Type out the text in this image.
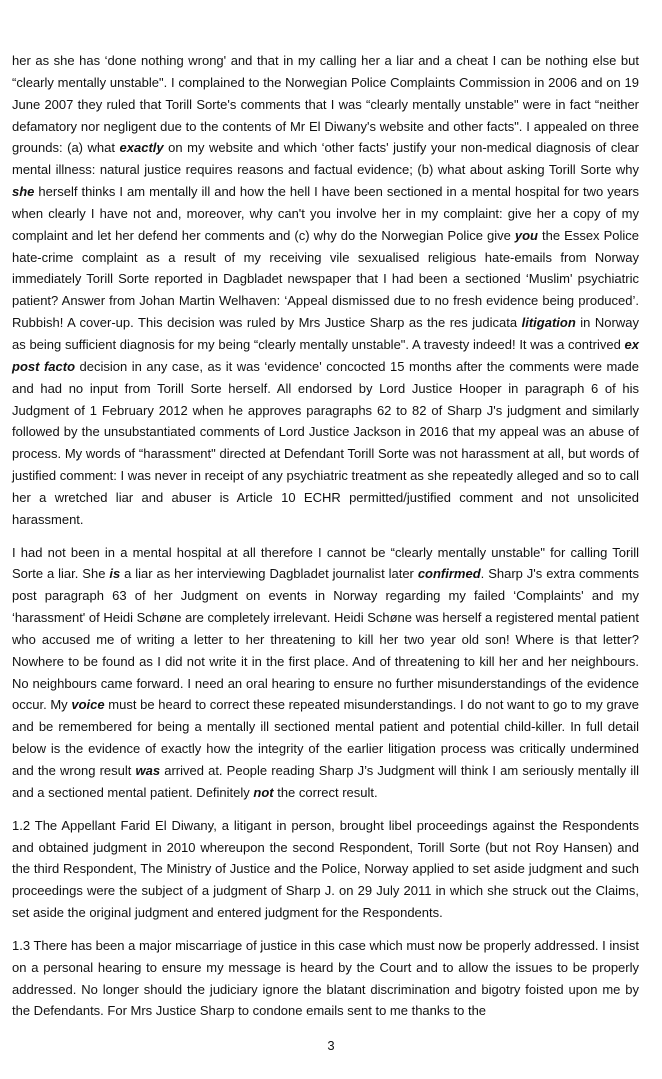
her as she has ‘done nothing wrong' and that in my calling her a liar and a cheat I can be nothing else but “clearly mentally unstable". I complained to the Norwegian Police Complaints Commission in 2006 and on 19 June 2007 they ruled that Torill Sorte's comments that I was “clearly mentally unstable" were in fact “neither defamatory nor negligent due to the contents of Mr El Diwany's website and other facts". I appealed on three grounds: (a) what exactly on my website and which ‘other facts' justify your non-medical diagnosis of clear mental illness: natural justice requires reasons and factual evidence; (b) what about asking Torill Sorte why she herself thinks I am mentally ill and how the hell I have been sectioned in a mental hospital for two years when clearly I have not and, moreover, why can't you involve her in my complaint: give her a copy of my complaint and let her defend her comments and (c) why do the Norwegian Police give you the Essex Police hate-crime complaint as a result of my receiving vile sexualised religious hate-emails from Norway immediately Torill Sorte reported in Dagbladet newspaper that I had been a sectioned ‘Muslim' psychiatric patient? Answer from Johan Martin Welhaven: ‘Appeal dismissed due to no fresh evidence being produced’. Rubbish! A cover-up. This decision was ruled by Mrs Justice Sharp as the res judicata litigation in Norway as being sufficient diagnosis for my being “clearly mentally unstable". A travesty indeed! It was a contrived ex post facto decision in any case, as it was ‘evidence' concocted 15 months after the comments were made and had no input from Torill Sorte herself. All endorsed by Lord Justice Hooper in paragraph 6 of his Judgment of 1 February 2012 when he approves paragraphs 62 to 82 of Sharp J's judgment and similarly followed by the unsubstantiated comments of Lord Justice Jackson in 2016 that my appeal was an abuse of process. My words of “harassment" directed at Defendant Torill Sorte was not harassment at all, but words of justified comment: I was never in receipt of any psychiatric treatment as she repeatedly alleged and so to call her a wretched liar and abuser is Article 10 ECHR permitted/justified comment and not unsolicited harassment.

I had not been in a mental hospital at all therefore I cannot be “clearly mentally unstable" for calling Torill Sorte a liar. She is a liar as her interviewing Dagbladet journalist later confirmed. Sharp J's extra comments post paragraph 63 of her Judgment on events in Norway regarding my failed ‘Complaints' and my ‘harassment' of Heidi Schøne are completely irrelevant. Heidi Schøne was herself a registered mental patient who accused me of writing a letter to her threatening to kill her two year old son! Where is that letter? Nowhere to be found as I did not write it in the first place. And of threatening to kill her and her neighbours. No neighbours came forward. I need an oral hearing to ensure no further misunderstandings of the evidence occur. My voice must be heard to correct these repeated misunderstandings. I do not want to go to my grave and be remembered for being a mentally ill sectioned mental patient and potential child-killer. In full detail below is the evidence of exactly how the integrity of the earlier litigation process was critically undermined and the wrong result was arrived at. People reading Sharp J’s Judgment will think I am seriously mentally ill and a sectioned mental patient. Definitely not the correct result.

1.2 The Appellant Farid El Diwany, a litigant in person, brought libel proceedings against the Respondents and obtained judgment in 2010 whereupon the second Respondent, Torill Sorte (but not Roy Hansen) and the third Respondent, The Ministry of Justice and the Police, Norway applied to set aside judgment and such proceedings were the subject of a judgment of Sharp J. on 29 July 2011 in which she struck out the Claims, set aside the original judgment and entered judgment for the Respondents.

1.3 There has been a major miscarriage of justice in this case which must now be properly addressed. I insist on a personal hearing to ensure my message is heard by the Court and to allow the issues to be properly addressed. No longer should the judiciary ignore the blatant discrimination and bigotry foisted upon me by the Defendants. For Mrs Justice Sharp to condone emails sent to me thanks to the

3
